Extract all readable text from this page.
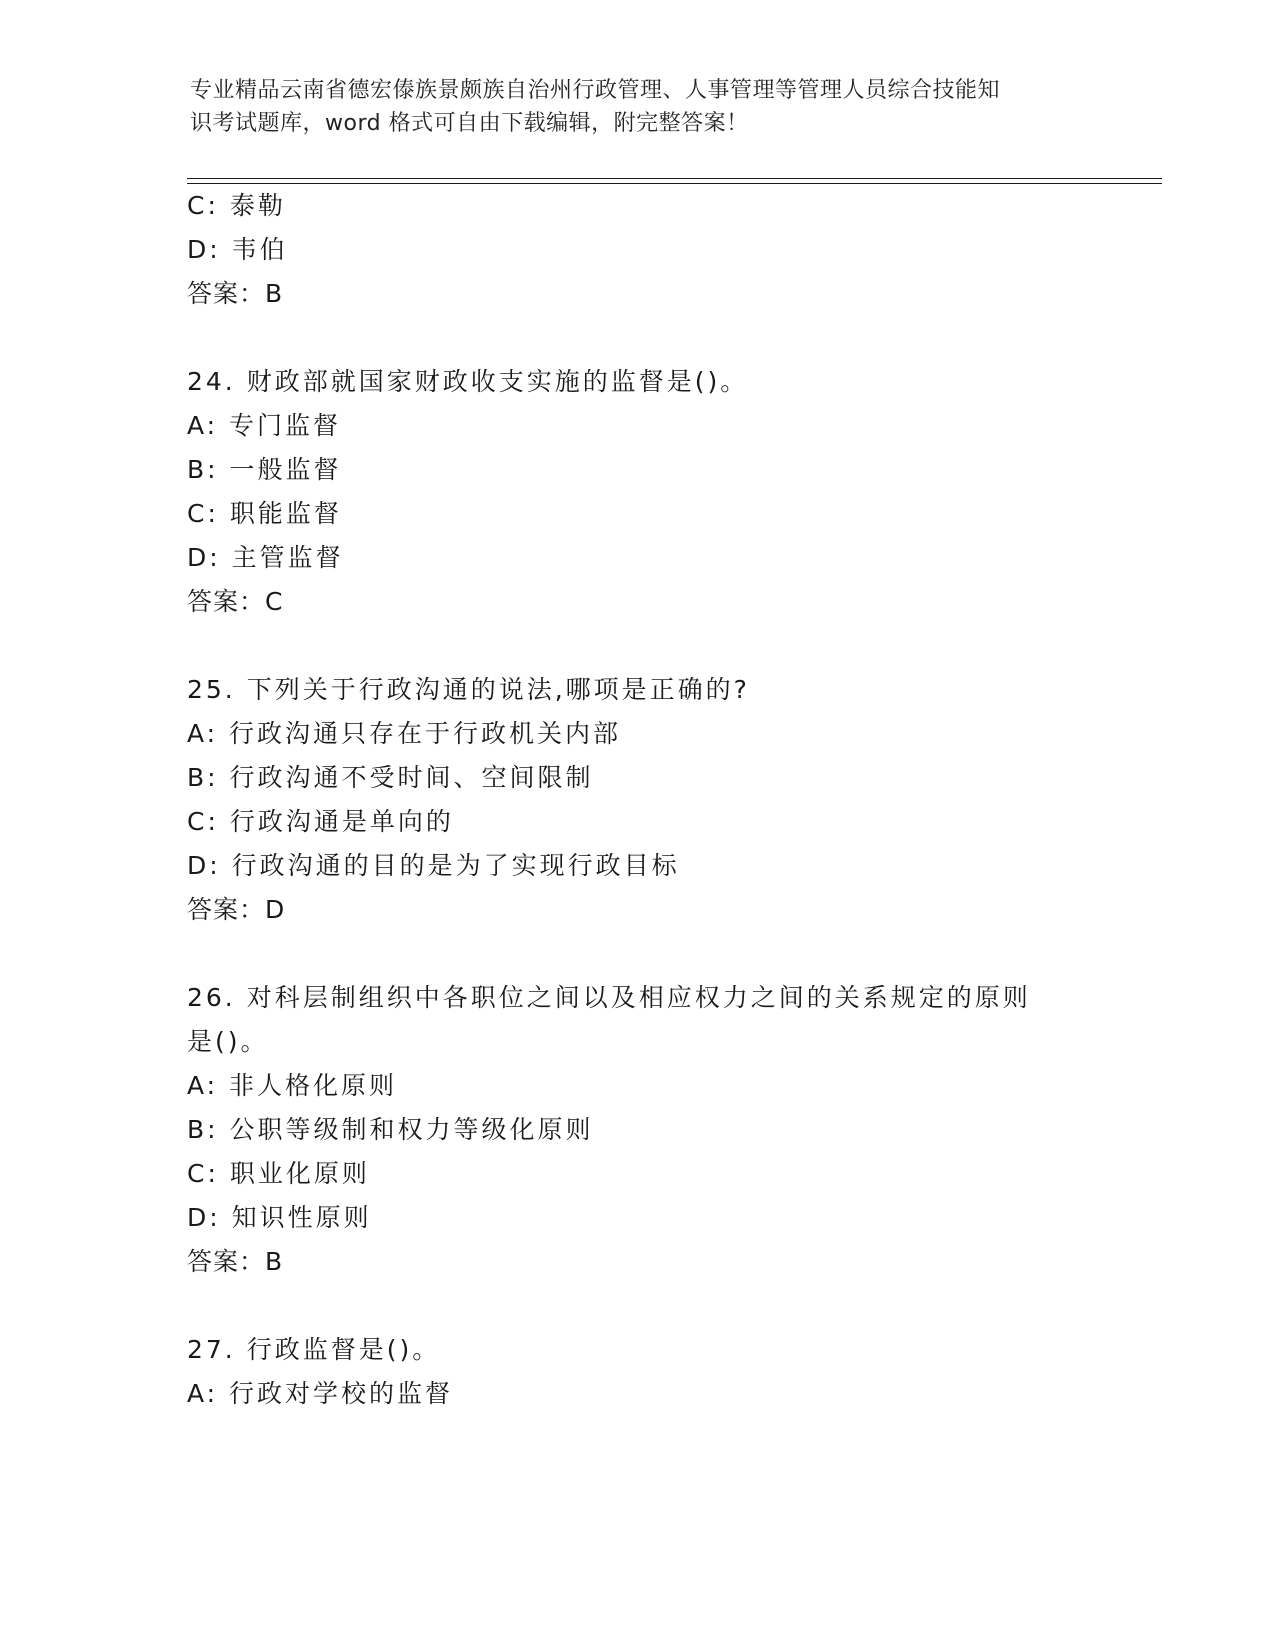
专业精品云南省德宏傣族景颇族自治州行政管理、人事管理等管理人员综合技能知
识考试题库，word 格式可自由下载编辑，附完整答案！
C: 泰勒
D: 韦伯
答案：B
24. 财政部就国家财政收支实施的监督是()。
A: 专门监督
B: 一般监督
C: 职能监督
D: 主管监督
答案：C
25. 下列关于行政沟通的说法,哪项是正确的?
A: 行政沟通只存在于行政机关内部
B: 行政沟通不受时间、空间限制
C: 行政沟通是单向的
D: 行政沟通的目的是为了实现行政目标
答案：D
26. 对科层制组织中各职位之间以及相应权力之间的关系规定的原则
是()。
A: 非人格化原则
B: 公职等级制和权力等级化原则
C: 职业化原则
D: 知识性原则
答案：B
27. 行政监督是()。
A: 行政对学校的监督
